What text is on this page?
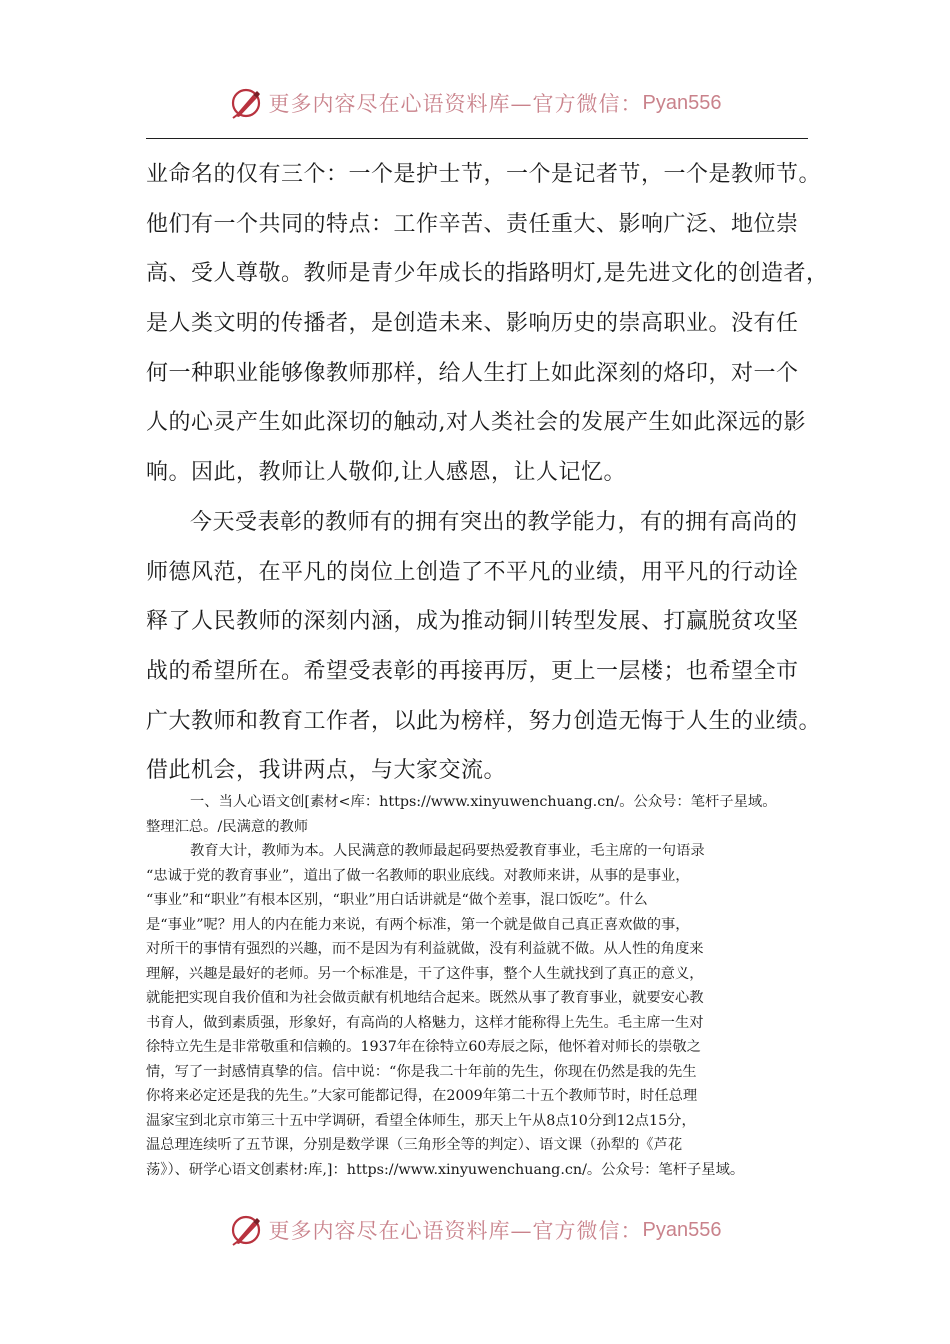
更多内容尽在心语资料库—官方微信： Pyan556
业命名的仅有三个：一个是护士节，一个是记者节，一个是教师节。
他们有一个共同的特点：工作辛苦、责任重大、影响广泛、地位崇
高、受人尊敬。教师是青少年成长的指路明灯,是先进文化的创造者，
是人类文明的传播者，是创造未来、影响历史的崇高职业。没有任
何一种职业能够像教师那样，给人生打上如此深刻的烙印，对一个
人的心灵产生如此深切的触动,对人类社会的发展产生如此深远的影
响。因此，教师让人敬仰,让人感恩，让人记忆。
今天受表彰的教师有的拥有突出的教学能力，有的拥有高尚的
师德风范，在平凡的岗位上创造了不平凡的业绩，用平凡的行动诠
释了人民教师的深刻内涵，成为推动铜川转型发展、打赢脱贫攻坚
战的希望所在。希望受表彰的再接再厉，更上一层楼；也希望全市
广大教师和教育工作者，以此为榜样，努力创造无悔于人生的业绩。
借此机会，我讲两点，与大家交流。
一、当人心语文创[素材<库：https://www.xinyuwenchuang.cn/。公众号：笔杆子星域。
整理汇总。/民满意的教师
教育大计，教师为本。人民满意的教师最起码要热爱教育事业，毛主席的一句语录
“忠诚于党的教育事业”，道出了做一名教师的职业底线。对教师来讲，从事的是事业，
“事业”和“职业”有根本区别，“职业”用白话讲就是“做个差事，混口饭吃”。什么
是“事业”呢？用人的内在能力来说，有两个标准，第一个就是做自己真正喜欢做的事，
对所干的事情有强烈的兴趣，而不是因为有利益就做，没有利益就不做。从人性的角度来
理解，兴趣是最好的老师。另一个标准是，干了这件事，整个人生就找到了真正的意义，
就能把实现自我价值和为社会做贡献有机地结合起来。既然从事了教育事业，就要安心教
书育人，做到素质强，形象好，有高尚的人格魅力，这样才能称得上先生。毛主席一生对
徐特立先生是非常敬重和信赖的。1937年在徐特立60寿辰之际，他怀着对师长的崇敬之
情，写了一封感情真挚的信。信中说：“你是我二十年前的先生，你现在仍然是我的先生
你将来必定还是我的先生。”大家可能都记得，在2009年第二十五个教师节时，时任总理
温家宝到北京市第三十五中学调研，看望全体师生，那天上午从8点10分到12点15分，
温总理连续听了五节课，分别是数学课（三角形全等的判定）、语文课（孙犁的《芦花
荡》）、研学心语文创素材:库,]：https://www.xinyuwenchuang.cn/。公众号：笔杆子星域。
更多内容尽在心语资料库—官方微信： Pyan556
